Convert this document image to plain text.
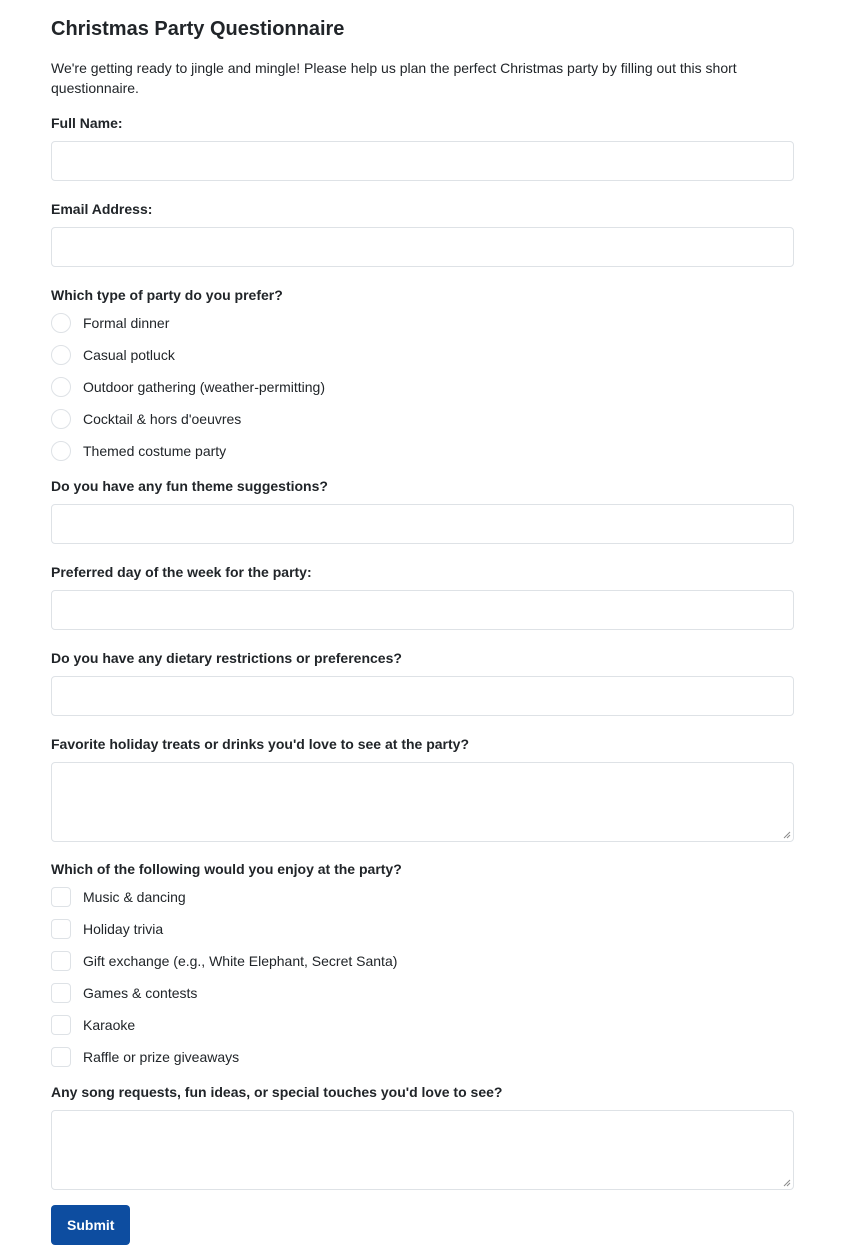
Christmas Party Questionnaire

We're getting ready to jingle and mingle! Please help us plan the perfect Christmas party by filling out this short questionnaire.

Full Name:
Email Address:
Which type of party do you prefer?
Formal dinner
Casual potluck
Outdoor gathering (weather-permitting)
Cocktail & hors d'oeuvres
Themed costume party
Do you have any fun theme suggestions?
Preferred day of the week for the party:
Do you have any dietary restrictions or preferences?
Favorite holiday treats or drinks you'd love to see at the party?
Which of the following would you enjoy at the party?
Music & dancing
Holiday trivia
Gift exchange (e.g., White Elephant, Secret Santa)
Games & contests
Karaoke
Raffle or prize giveaways
Any song requests, fun ideas, or special touches you'd love to see?
Submit
